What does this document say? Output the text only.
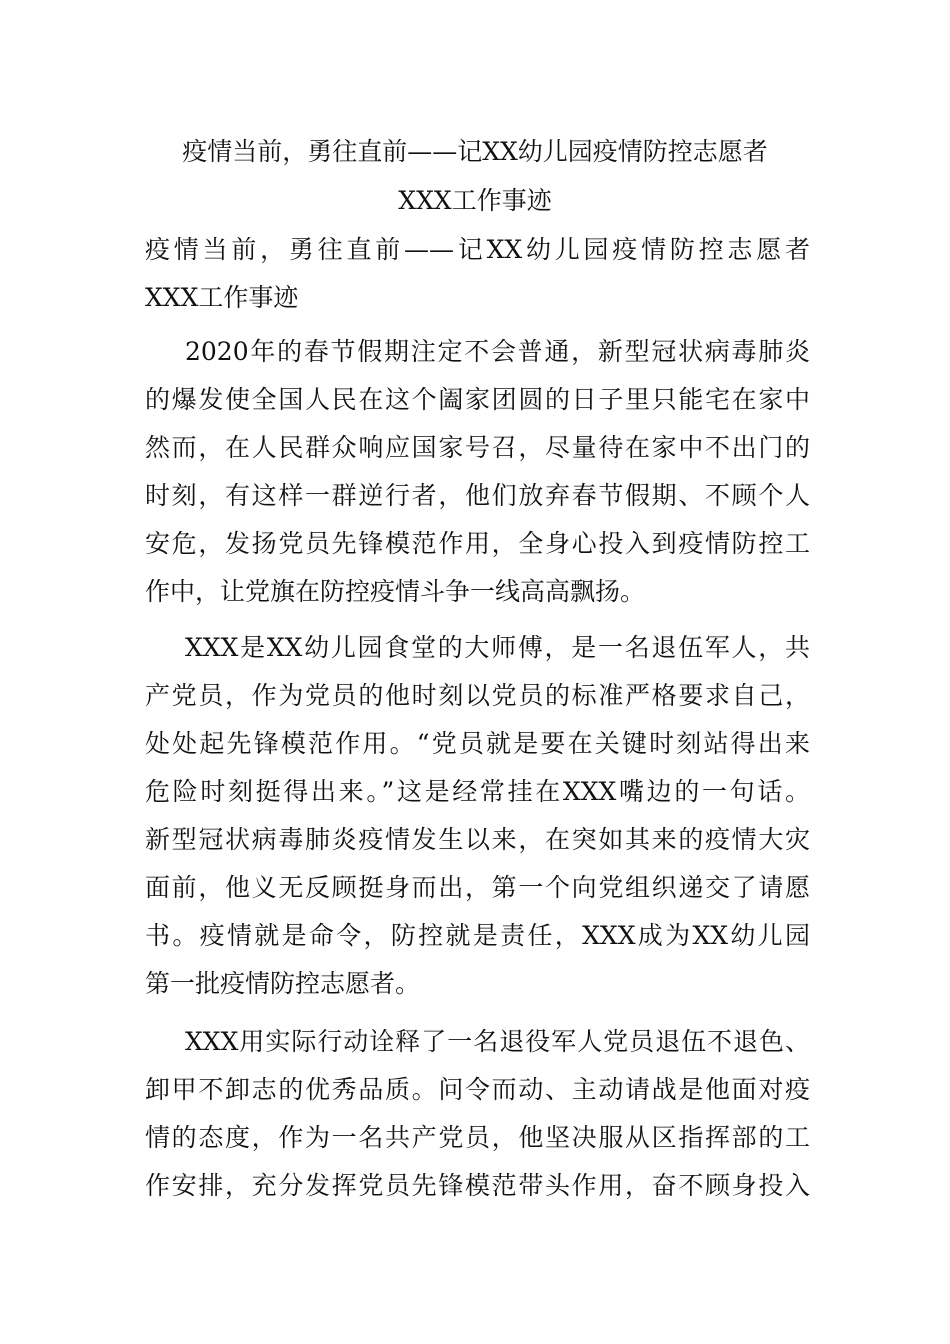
疫情当前，勇往直前——记XX幼儿园疫情防控志愿者
XXX工作事迹
疫情当前，勇往直前——记XX幼儿园疫情防控志愿者
XXX工作事迹
2020年的春节假期注定不会普通，新型冠状病毒肺炎
的爆发使全国人民在这个阖家团圆的日子里只能宅在家中
然而，在人民群众响应国家号召，尽量待在家中不出门的
时刻，有这样一群逆行者，他们放弃春节假期、不顾个人
安危，发扬党员先锋模范作用，全身心投入到疫情防控工
作中，让党旗在防控疫情斗争一线高高飘扬。
XXX是XX幼儿园食堂的大师傅，是一名退伍军人，共
产党员，作为党员的他时刻以党员的标准严格要求自己，
处处起先锋模范作用。“党员就是要在关键时刻站得出来
危险时刻挺得出来。”这是经常挂在XXX嘴边的一句话。
新型冠状病毒肺炎疫情发生以来，在突如其来的疫情大灾
面前，他义无反顾挺身而出，第一个向党组织递交了请愿
书。疫情就是命令，防控就是责任，XXX成为XX幼儿园
第一批疫情防控志愿者。
XXX用实际行动诠释了一名退役军人党员退伍不退色、
卸甲不卸志的优秀品质。问令而动、主动请战是他面对疫
情的态度，作为一名共产党员，他坚决服从区指挥部的工
作安排，充分发挥党员先锋模范带头作用，奋不顾身投入
